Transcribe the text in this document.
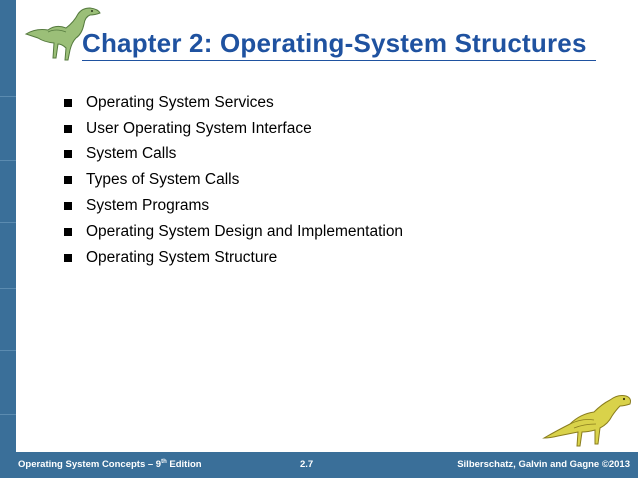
Chapter 2: Operating-System Structures
Operating System Services
User Operating System Interface
System Calls
Types of System Calls
System Programs
Operating System Design and Implementation
Operating System Structure
Operating System Concepts – 9th Edition	2.7	Silberschatz, Galvin and Gagne ©2013
